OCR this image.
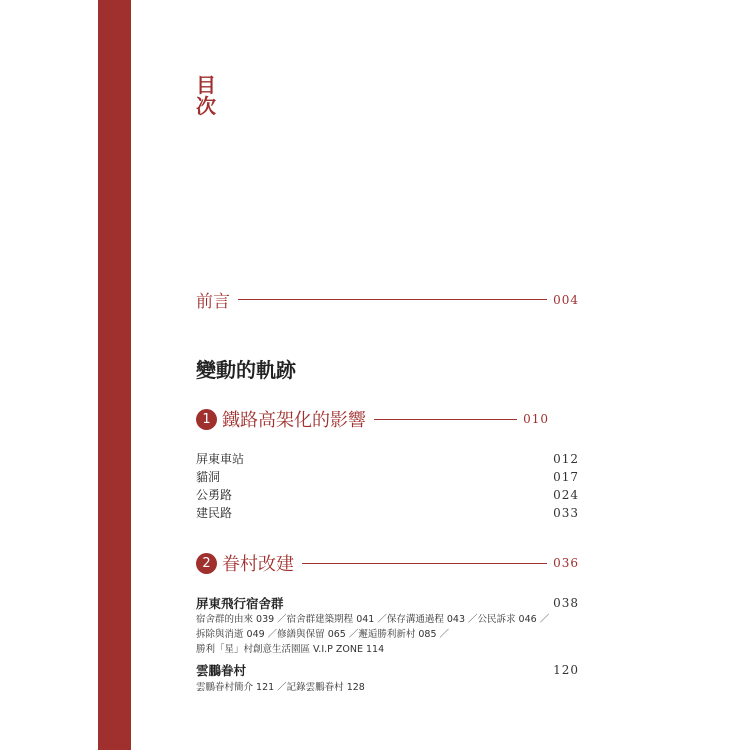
目
次
前言	004
變動的軌跡
1 鐵路高架化的影響	010
屏東車站	012
貓洞	017
公勇路	024
建民路	033
2 眷村改建	036
屏東飛行宿舍群	038
宿舍群的由來 039 ／宿舍群建築期程 041 ／保存溝通過程 043 ／公民訴求 046 ／
拆除與消逝 049 ／修繕與保留 065 ／邂逅勝利新村 085 ／
勝利「星」村創意生活園區 V.I.P ZONE 114
雲鵬眷村	120
雲鵬眷村簡介 121 ／記錄雲鵬眷村 128
